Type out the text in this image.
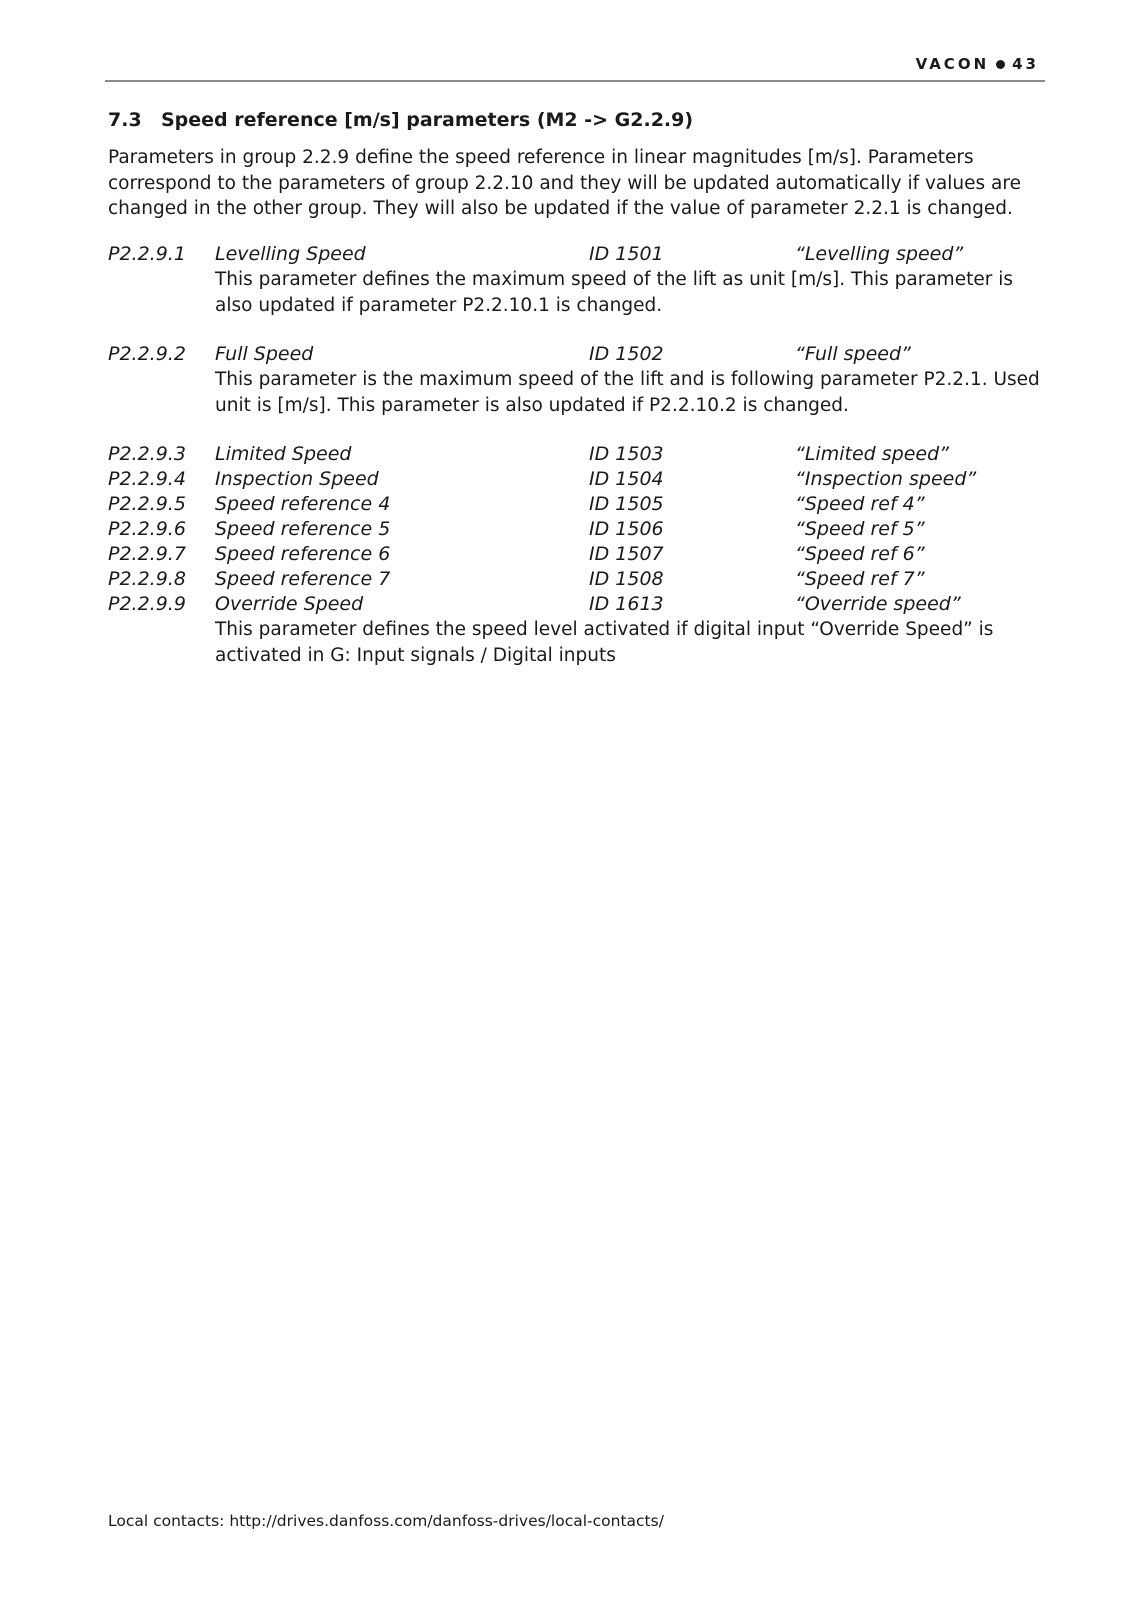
VACON 43
7.3 Speed reference [m/s] parameters (M2 -> G2.2.9)

Parameters in group 2.2.9 define the speed reference in linear magnitudes [m/s]. Parameters correspond to the parameters of group 2.2.10 and they will be updated automatically if values are changed in the other group. They will also be updated if the value of parameter 2.2.1 is changed.

P2.2.9.1 Levelling Speed	ID 1501	“Levelling speed”

This parameter defines the maximum speed of the lift as unit [m/s]. This parameter is also updated if parameter P2.2.10.1 is changed.

P2.2.9.2 Full Speed	ID 1502	“Full speed”

This parameter is the maximum speed of the lift and is following parameter P2.2.1. Used unit is [m/s]. This parameter is also updated if P2.2.10.2 is changed.

P2.2.9.3 Limited Speed	ID 1503	“Limited speed”
P2.2.9.4 Inspection Speed	ID 1504	“Inspection speed”
P2.2.9.5 Speed reference 4	ID 1505	“Speed ref 4”
P2.2.9.6 Speed reference 5	ID 1506	“Speed ref 5”
P2.2.9.7 Speed reference 6	ID 1507	“Speed ref 6”
P2.2.9.8 Speed reference 7	ID 1508	“Speed ref 7”
P2.2.9.9 Override Speed	ID 1613	“Override speed”

This parameter defines the speed level activated if digital input “Override Speed” is activated in G: Input signals / Digital inputs

Local contacts: http://drives.danfoss.com/danfoss-drives/local-contacts/
